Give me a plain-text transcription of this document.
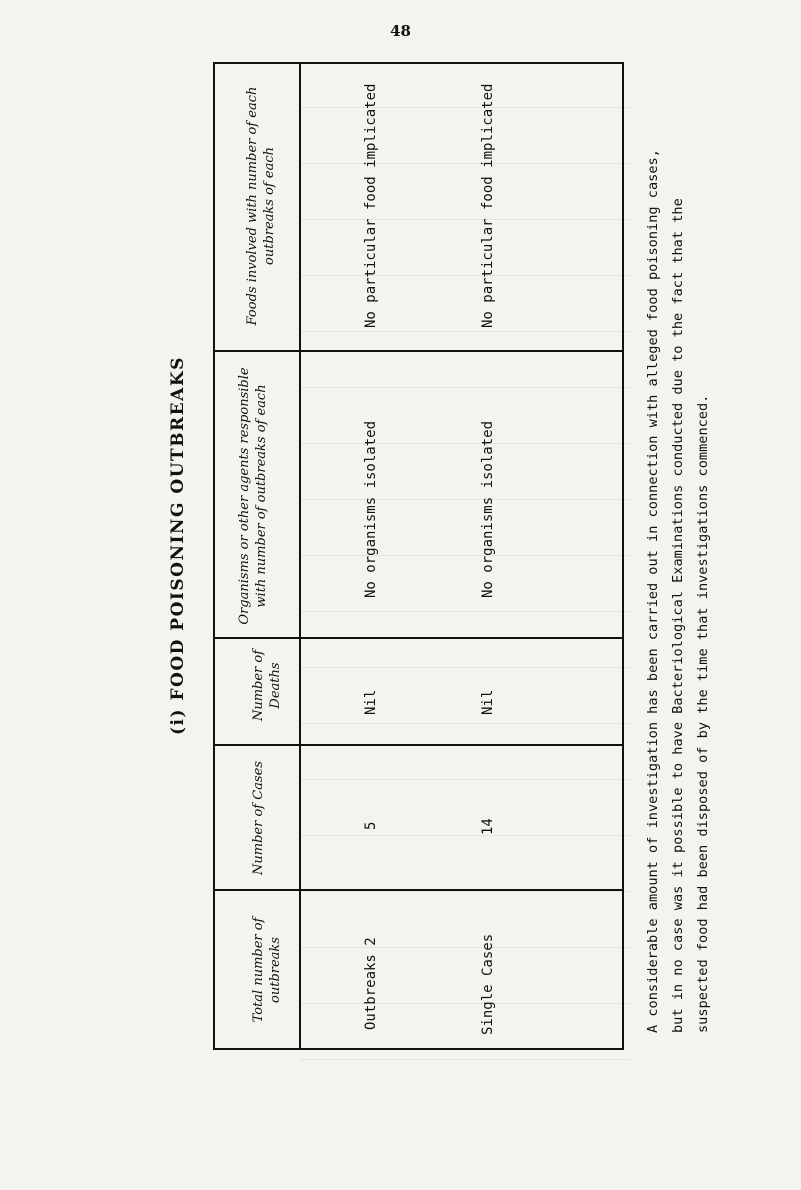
48
(i) FOOD POISONING OUTBREAKS
Foods involved with number of each outbreaks of each
Organisms or other agents responsible with number of outbreaks of each
Number of Deaths
Number of Cases
Total number of outbreaks
No particular food implicated
No organisms isolated
Nil
5
Outbreaks 2
No particular food implicated
No organisms isolated
Nil
14
Single Cases	A considerable amount of investigation has been carried out in connection with alleged food poisoning cases, but in no case was it possible to have Bacteriological Examinations conducted due to the fact that the suspected food had been disposed of by the time that investigations commenced.
